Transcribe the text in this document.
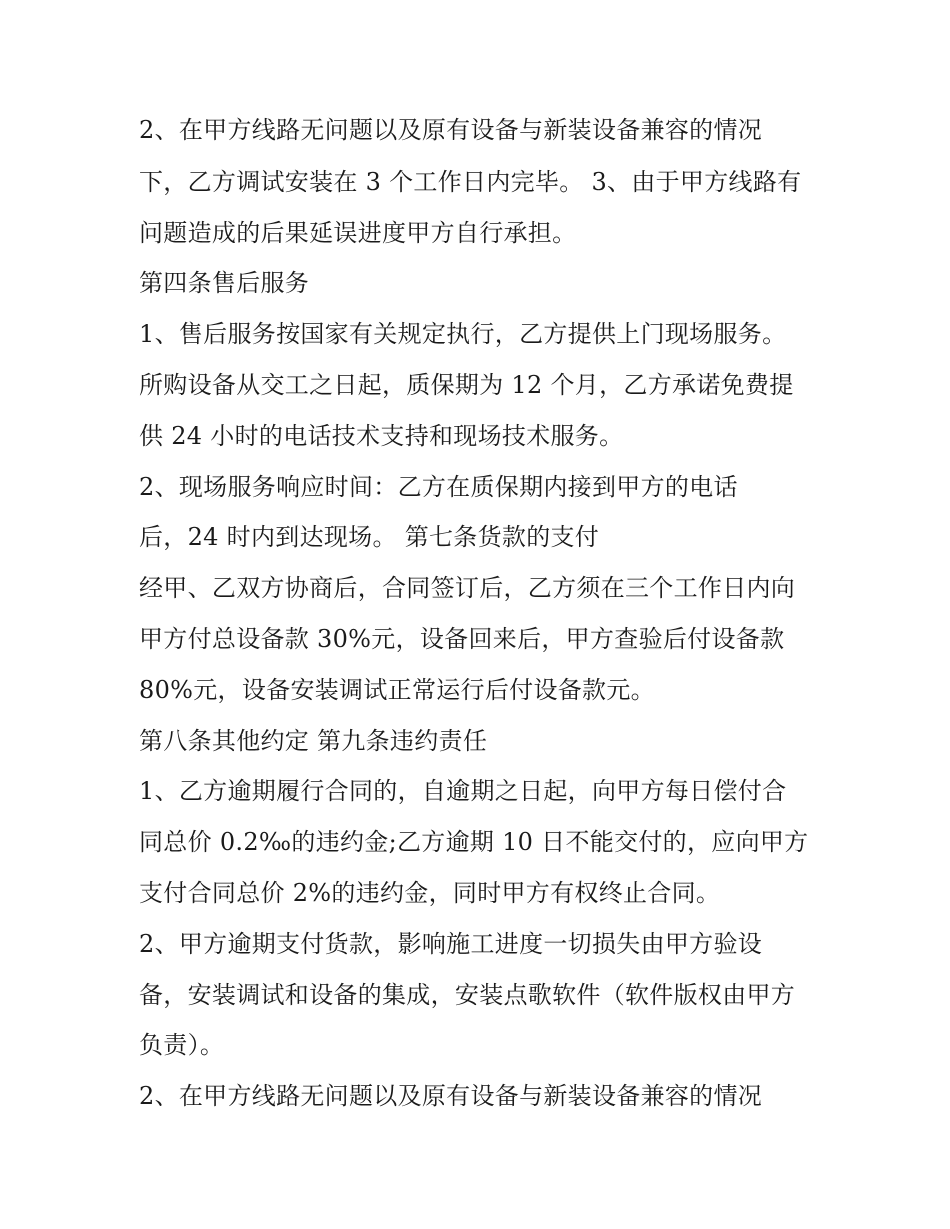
2、在甲方线路无问题以及原有设备与新装设备兼容的情况
下，乙方调试安装在 3 个工作日内完毕。 3、由于甲方线路有
问题造成的后果延误进度甲方自行承担。
第四条售后服务
1、售后服务按国家有关规定执行，乙方提供上门现场服务。
所购设备从交工之日起，质保期为 12 个月，乙方承诺免费提
供 24 小时的电话技术支持和现场技术服务。
2、现场服务响应时间：乙方在质保期内接到甲方的电话
后，24 时内到达现场。 第七条货款的支付
经甲、乙双方协商后，合同签订后，乙方须在三个工作日内向
甲方付总设备款 30%元，设备回来后，甲方查验后付设备款
80%元，设备安装调试正常运行后付设备款元。
第八条其他约定 第九条违约责任
1、乙方逾期履行合同的，自逾期之日起，向甲方每日偿付合
同总价 0.2‰的违约金;乙方逾期 10 日不能交付的，应向甲方
支付合同总价 2%的违约金，同时甲方有权终止合同。
2、甲方逾期支付货款，影响施工进度一切损失由甲方验设
备，安装调试和设备的集成，安装点歌软件（软件版权由甲方
负责）。
2、在甲方线路无问题以及原有设备与新装设备兼容的情况
